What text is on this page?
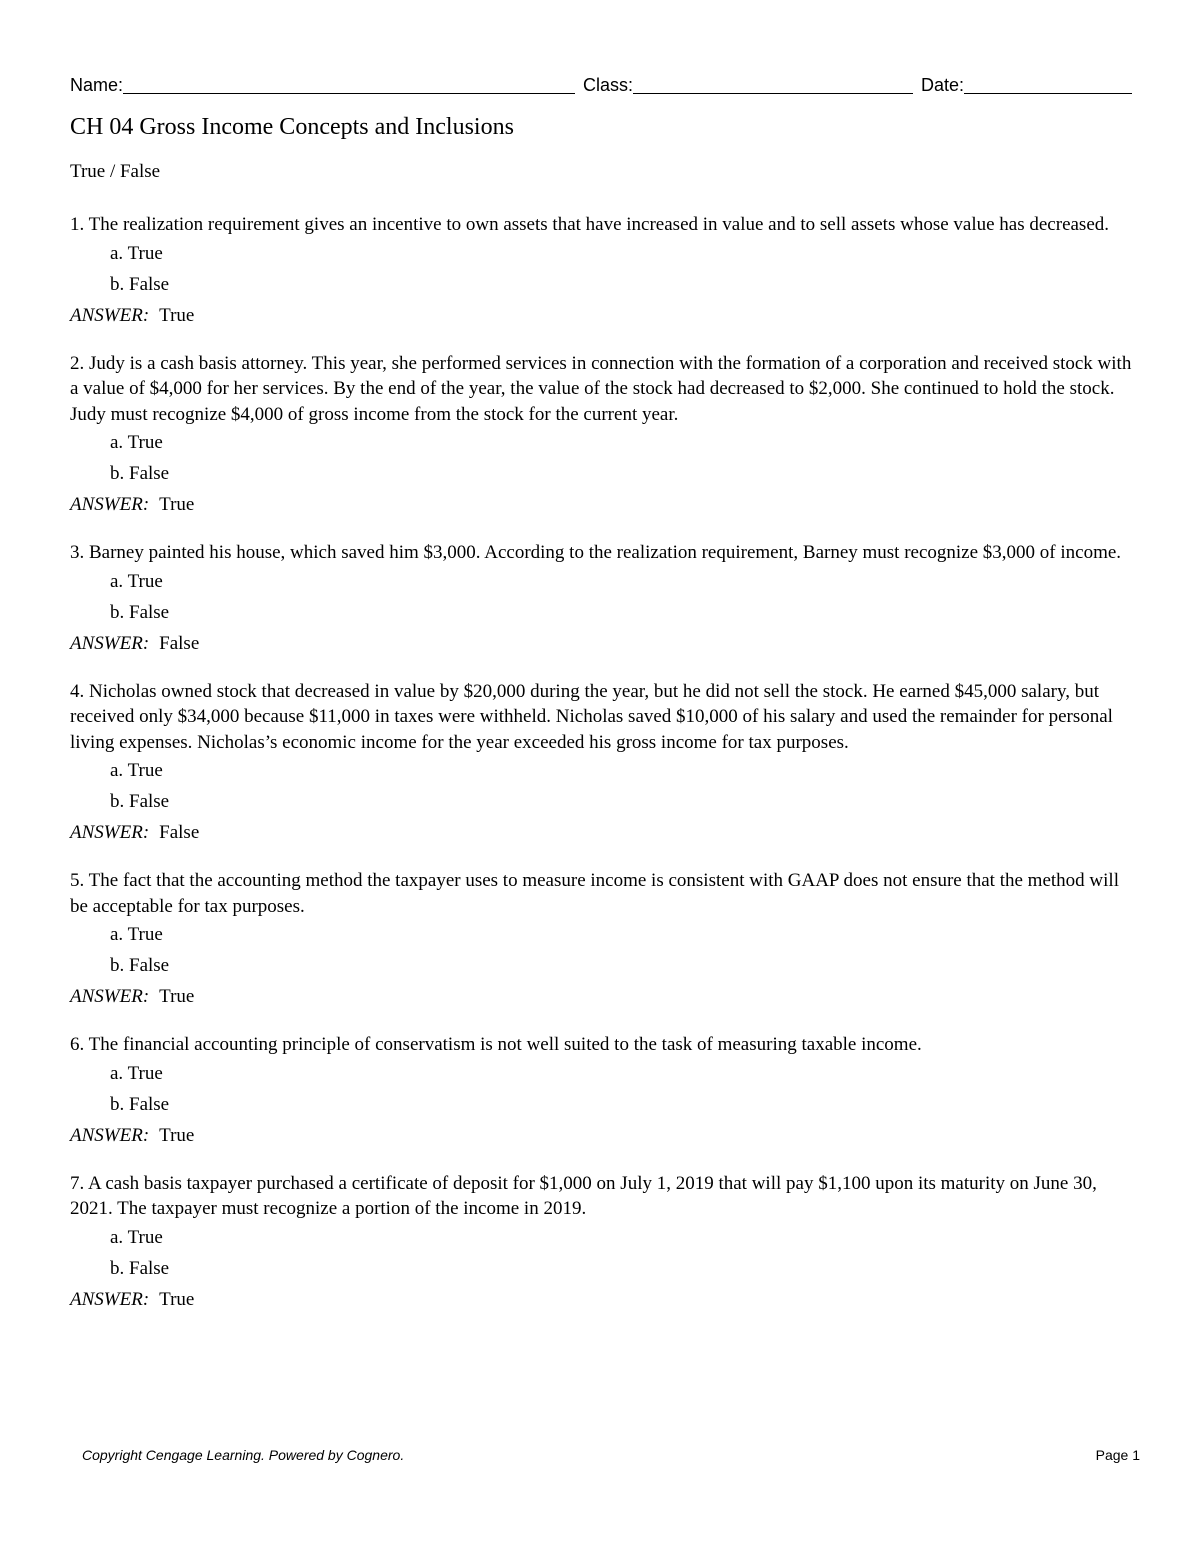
Name:	Class:	Date:
CH 04 Gross Income Concepts and Inclusions
True / False
1. The realization requirement gives an incentive to own assets that have increased in value and to sell assets whose value has decreased.
a. True
b. False
ANSWER: True
2. Judy is a cash basis attorney. This year, she performed services in connection with the formation of a corporation and received stock with a value of $4,000 for her services. By the end of the year, the value of the stock had decreased to $2,000. She continued to hold the stock. Judy must recognize $4,000 of gross income from the stock for the current year.
a. True
b. False
ANSWER: True
3. Barney painted his house, which saved him $3,000. According to the realization requirement, Barney must recognize $3,000 of income.
a. True
b. False
ANSWER: False
4. Nicholas owned stock that decreased in value by $20,000 during the year, but he did not sell the stock. He earned $45,000 salary, but received only $34,000 because $11,000 in taxes were withheld. Nicholas saved $10,000 of his salary and used the remainder for personal living expenses. Nicholas’s economic income for the year exceeded his gross income for tax purposes.
a. True
b. False
ANSWER: False
5. The fact that the accounting method the taxpayer uses to measure income is consistent with GAAP does not ensure that the method will be acceptable for tax purposes.
a. True
b. False
ANSWER: True
6. The financial accounting principle of conservatism is not well suited to the task of measuring taxable income.
a. True
b. False
ANSWER: True
7. A cash basis taxpayer purchased a certificate of deposit for $1,000 on July 1, 2019 that will pay $1,100 upon its maturity on June 30, 2021. The taxpayer must recognize a portion of the income in 2019.
a. True
b. False
ANSWER: True
Copyright Cengage Learning. Powered by Cognero.	Page 1
